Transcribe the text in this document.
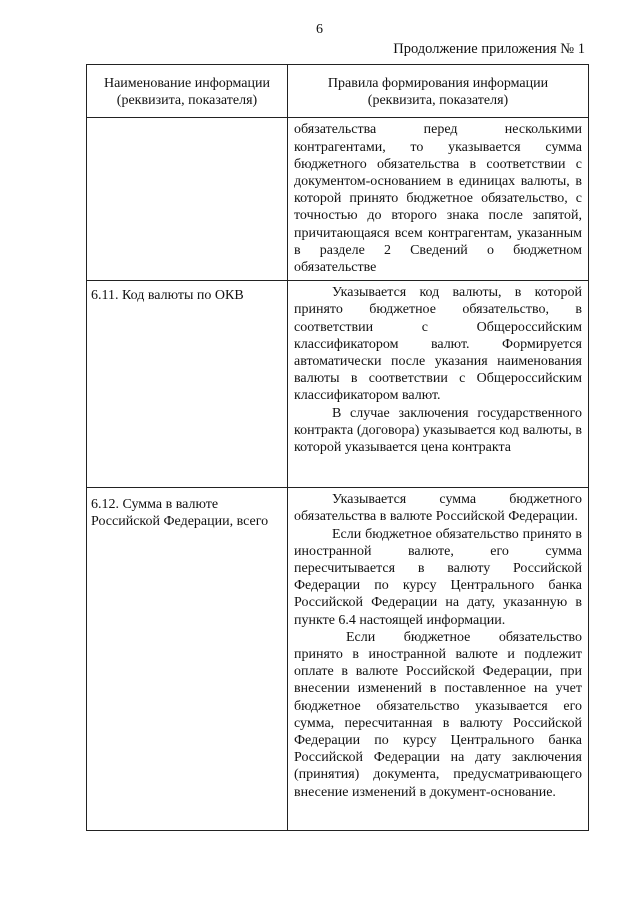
6
Продолжение приложения № 1
Наименование информации (реквизита, показателя)	Правила формирования информации (реквизита, показателя)

	обязательства перед несколькими контрагентами, то указывается сумма бюджетного обязательства в соответствии с документом-основанием в единицах валюты, в которой принято бюджетное обязательство, с точностью до второго знака после запятой, причитающаяся всем контрагентам, указанным в разделе 2 Сведений о бюджетном обязательстве

6.11. Код валюты по ОКВ	Указывается код валюты, в которой принято бюджетное обязательство, в соответствии с Общероссийским классификатором валют. Формируется автоматически после указания наименования валюты в соответствии с Общероссийским классификатором валют.

В случае заключения государственного контракта (договора) указывается код валюты, в которой указывается цена контракта

6.12. Сумма в валюте Российской Федерации, всего	Указывается сумма бюджетного обязательства в валюте Российской Федерации.

Если бюджетное обязательство принято в иностранной валюте, его сумма пересчитывается в валюту Российской Федерации по курсу Центрального банка Российской Федерации на дату, указанную в пункте 6.4 настоящей информации.

Если бюджетное обязательство принято в иностранной валюте и подлежит оплате в валюте Российской Федерации, при внесении изменений в поставленное на учет бюджетное обязательство указывается его сумма, пересчитанная в валюту Российской Федерации по курсу Центрального банка Российской Федерации на дату заключения (принятия) документа, предусматривающего внесение изменений в документ-основание.
